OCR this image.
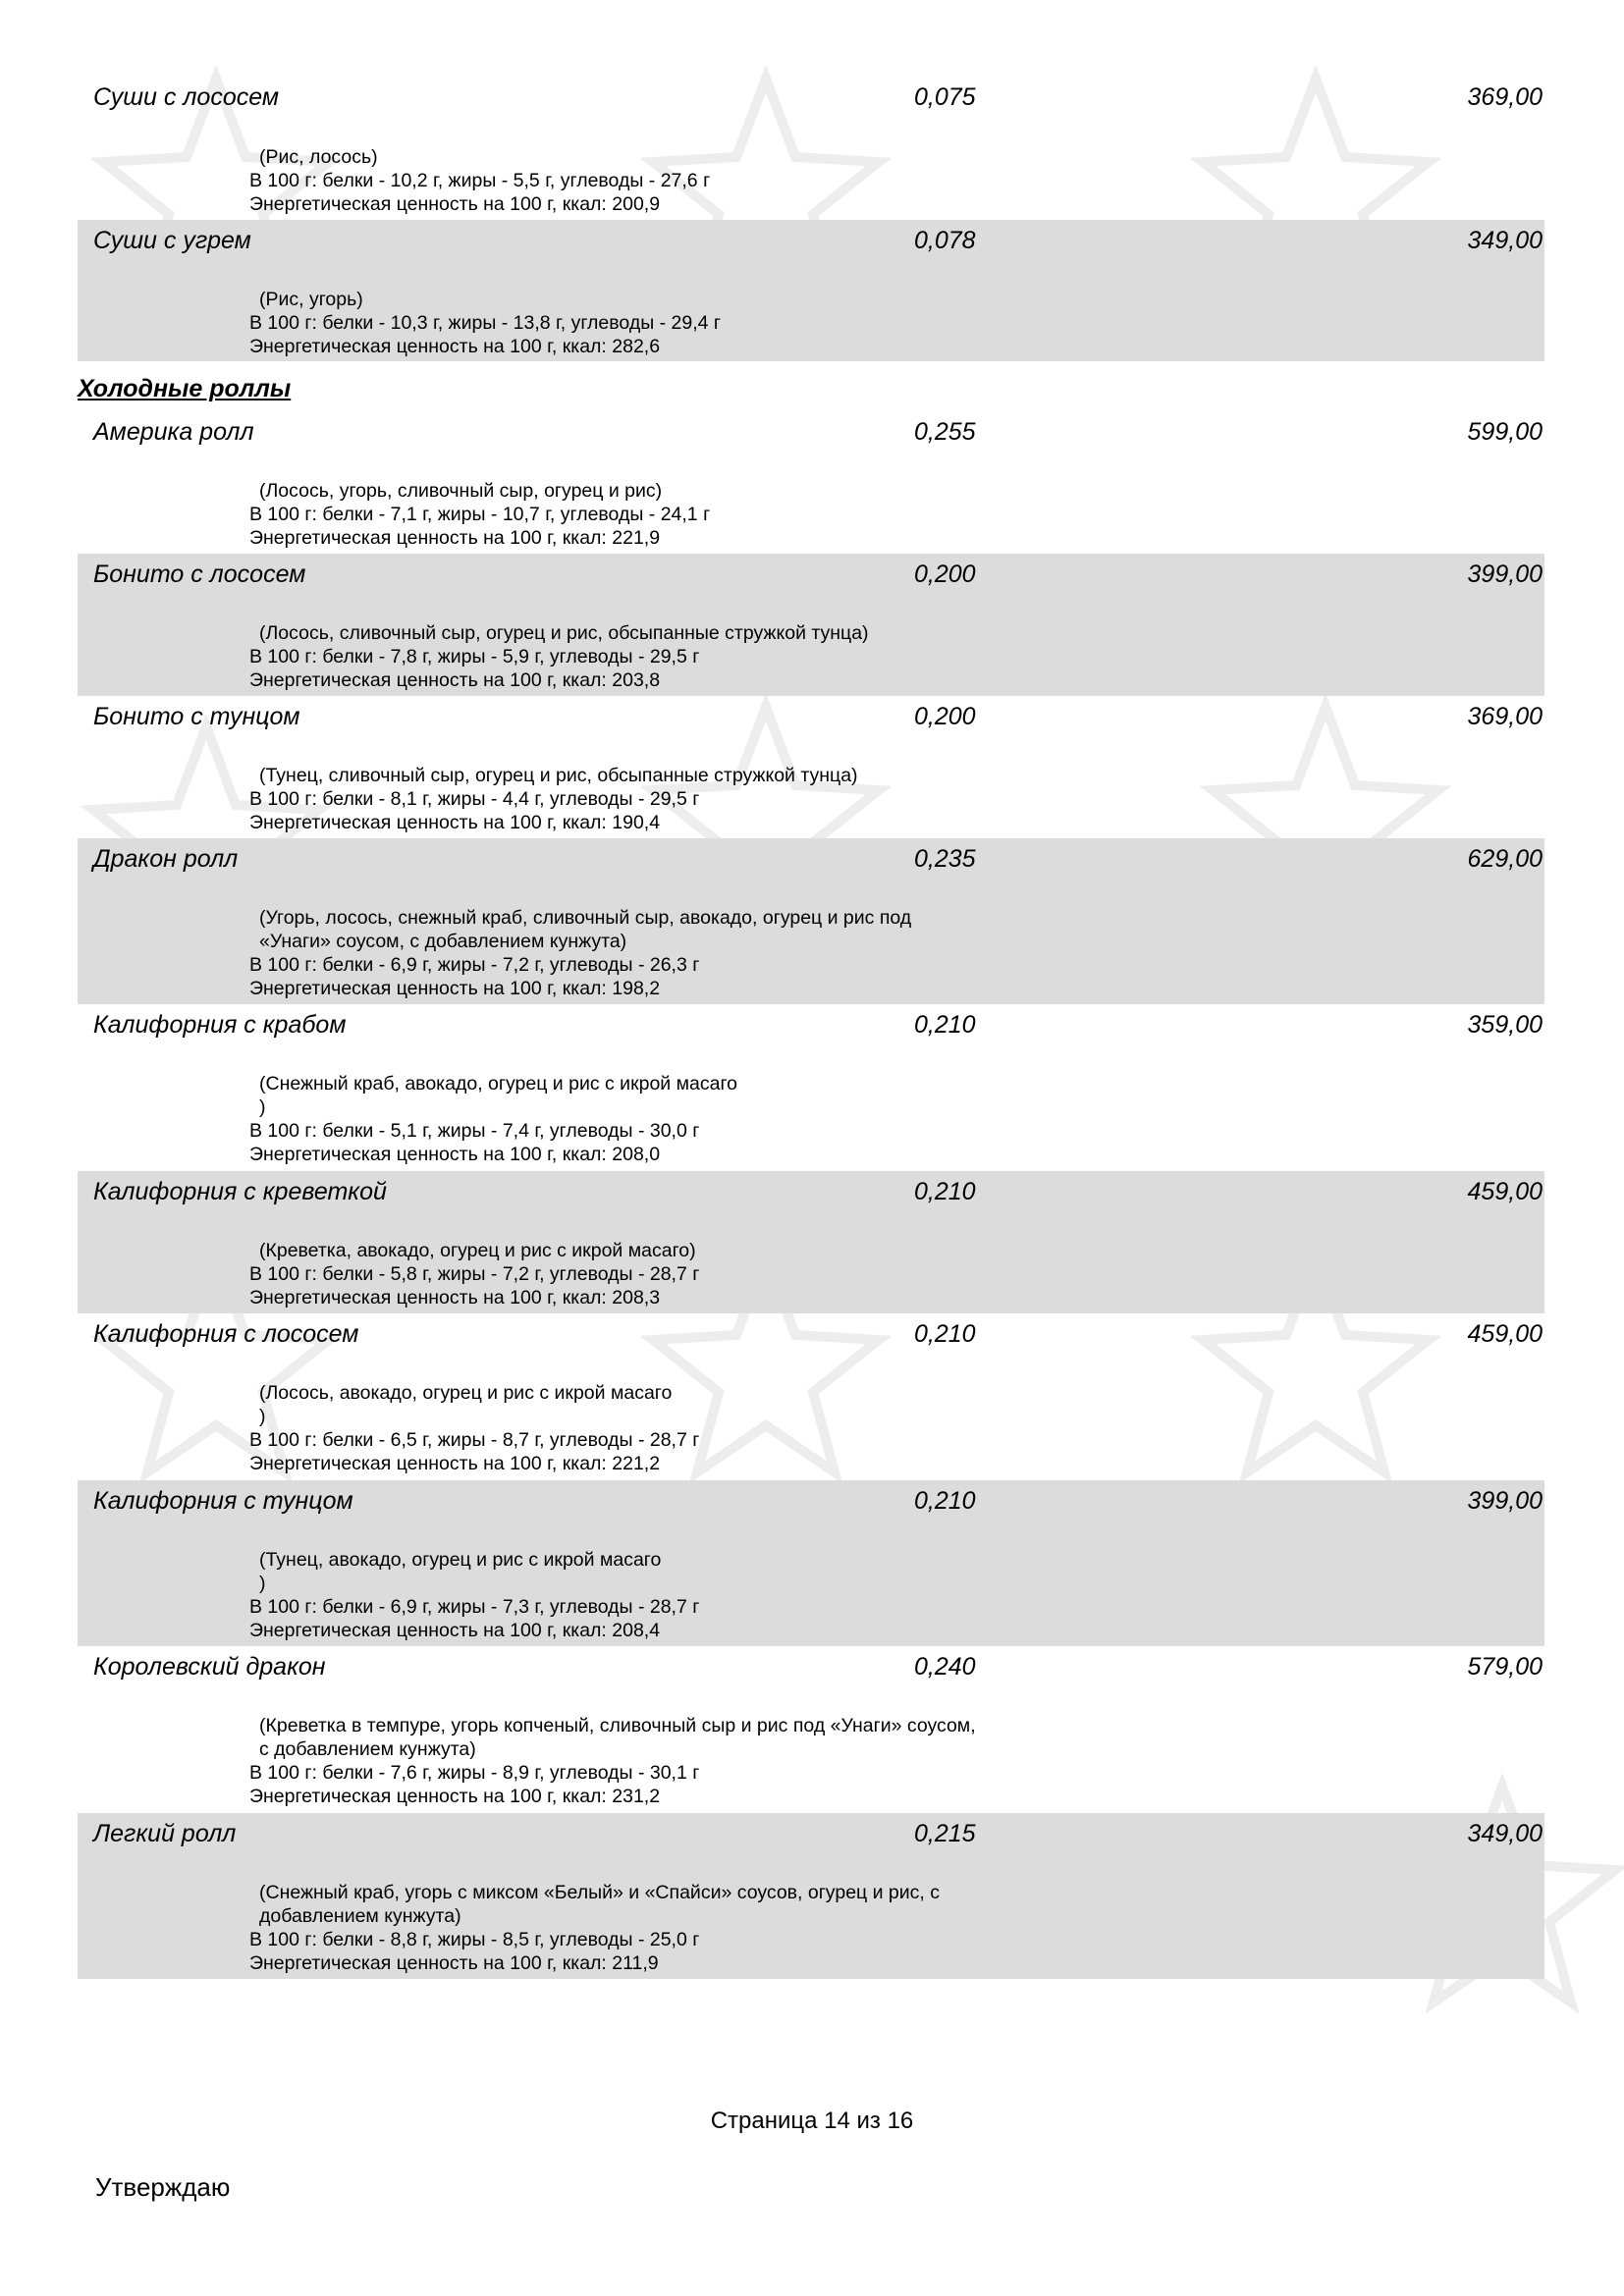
Суши с лососем	0,075	369,00
(Рис, лосось)
В 100 г: белки - 10,2 г, жиры - 5,5 г, углеводы - 27,6 г
Энергетическая ценность на 100 г, ккал: 200,9
Суши с угрем	0,078	349,00
(Рис, угорь)
В 100 г: белки - 10,3 г, жиры - 13,8 г, углеводы - 29,4 г
Энергетическая ценность на 100 г, ккал: 282,6
Холодные роллы
Америка ролл	0,255	599,00
(Лосось, угорь, сливочный сыр, огурец и рис)
В 100 г: белки - 7,1 г, жиры - 10,7 г, углеводы - 24,1 г
Энергетическая ценность на 100 г, ккал: 221,9
Бонито с лососем	0,200	399,00
(Лосось, сливочный сыр, огурец и рис, обсыпанные стружкой тунца)
В 100 г: белки - 7,8 г, жиры - 5,9 г, углеводы - 29,5 г
Энергетическая ценность на 100 г, ккал: 203,8
Бонито с тунцом	0,200	369,00
(Тунец, сливочный сыр, огурец и рис, обсыпанные стружкой тунца)
В 100 г: белки - 8,1 г, жиры - 4,4 г, углеводы - 29,5 г
Энергетическая ценность на 100 г, ккал: 190,4
Дракон ролл	0,235	629,00
(Угорь, лосось, снежный краб, сливочный сыр, авокадо, огурец и рис под
«Унаги» соусом, с добавлением кунжута)
В 100 г: белки - 6,9 г, жиры - 7,2 г, углеводы - 26,3 г
Энергетическая ценность на 100 г, ккал: 198,2
Калифорния с крабом	0,210	359,00
(Снежный краб, авокадо, огурец и рис с икрой масаго
)
В 100 г: белки - 5,1 г, жиры - 7,4 г, углеводы - 30,0 г
Энергетическая ценность на 100 г, ккал: 208,0
Калифорния с креветкой	0,210	459,00
(Креветка, авокадо, огурец и рис с икрой масаго)
В 100 г: белки - 5,8 г, жиры - 7,2 г, углеводы - 28,7 г
Энергетическая ценность на 100 г, ккал: 208,3
Калифорния с лососем	0,210	459,00
(Лосось, авокадо, огурец и рис с икрой масаго
)
В 100 г: белки - 6,5 г, жиры - 8,7 г, углеводы - 28,7 г
Энергетическая ценность на 100 г, ккал: 221,2
Калифорния с тунцом	0,210	399,00
(Тунец, авокадо, огурец и рис с икрой масаго
)
В 100 г: белки - 6,9 г, жиры - 7,3 г, углеводы - 28,7 г
Энергетическая ценность на 100 г, ккал: 208,4
Королевский дракон	0,240	579,00
(Креветка в темпуре, угорь копченый, сливочный сыр и рис под «Унаги» соусом,
с добавлением кунжута)
В 100 г: белки - 7,6 г, жиры - 8,9 г, углеводы - 30,1 г
Энергетическая ценность на 100 г, ккал: 231,2
Легкий ролл	0,215	349,00
(Снежный краб, угорь с миксом «Белый» и «Спайси» соусов, огурец и рис, с
добавлением кунжута)
В 100 г: белки - 8,8 г, жиры - 8,5 г, углеводы - 25,0 г
Энергетическая ценность на 100 г, ккал: 211,9
Страница 14 из 16
Утверждаю
